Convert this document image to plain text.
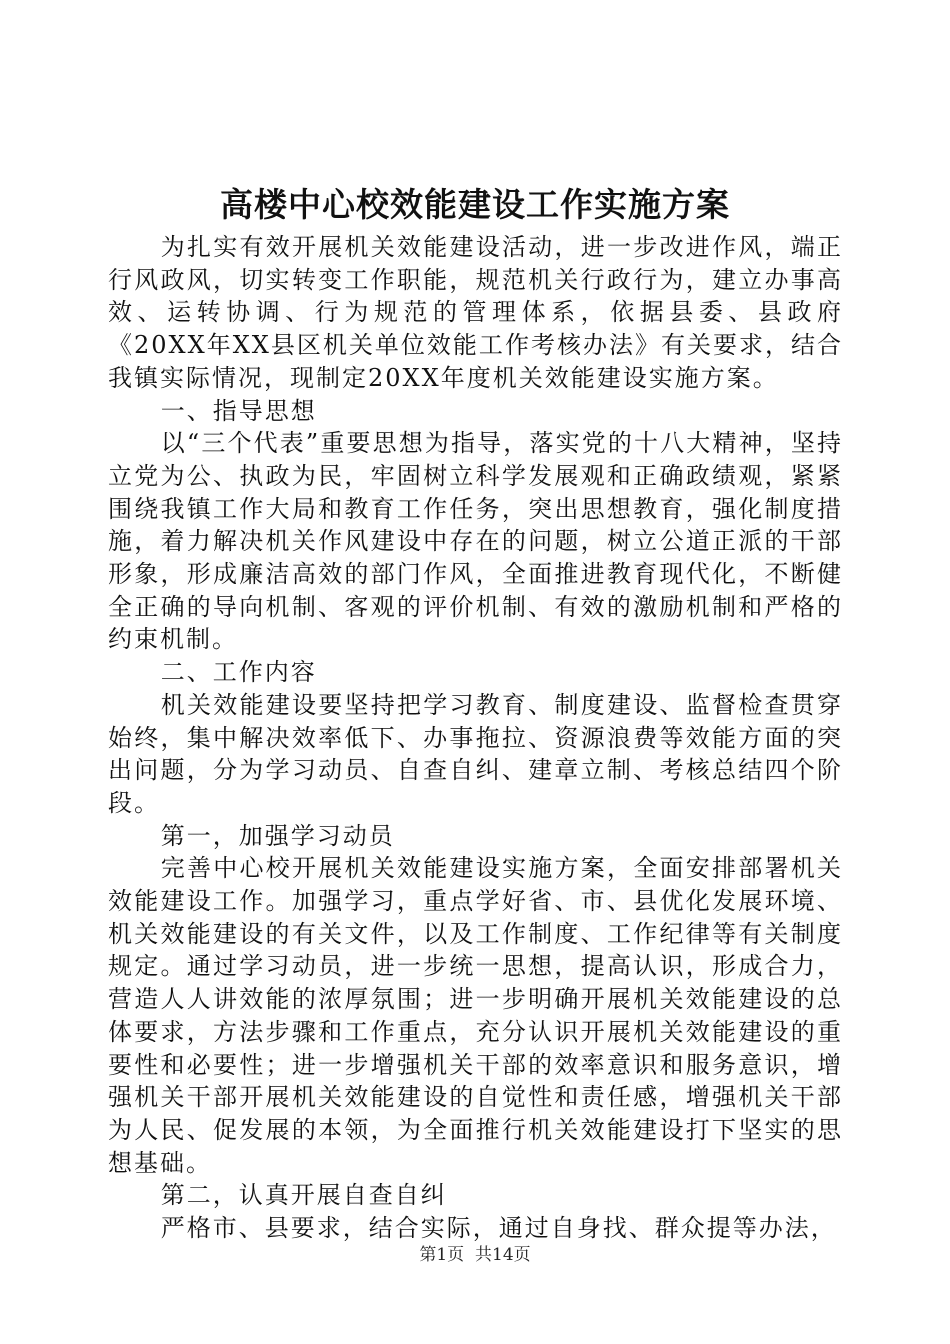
高楼中心校效能建设工作实施方案

为扎实有效开展机关效能建设活动，进一步改进作风，端正行风政风，切实转变工作职能，规范机关行政行为，建立办事高效、运转协调、行为规范的管理体系，依据县委、县政府《20XX年XX县区机关单位效能工作考核办法》有关要求，结合我镇实际情况，现制定20XX年度机关效能建设实施方案。

一、指导思想

以“三个代表”重要思想为指导，落实党的十八大精神，坚持立党为公、执政为民，牢固树立科学发展观和正确政绩观，紧紧围绕我镇工作大局和教育工作任务，突出思想教育，强化制度措施，着力解决机关作风建设中存在的问题，树立公道正派的干部形象，形成廉洁高效的部门作风，全面推进教育现代化，不断健全正确的导向机制、客观的评价机制、有效的激励机制和严格的约束机制。

二、工作内容

机关效能建设要坚持把学习教育、制度建设、监督检查贯穿始终，集中解决效率低下、办事拖拉、资源浪费等效能方面的突出问题，分为学习动员、自查自纠、建章立制、考核总结四个阶段。

第一，加强学习动员

完善中心校开展机关效能建设实施方案，全面安排部署机关效能建设工作。加强学习，重点学好省、市、县优化发展环境、机关效能建设的有关文件，以及工作制度、工作纪律等有关制度规定。通过学习动员，进一步统一思想，提高认识，形成合力，营造人人讲效能的浓厚氛围；进一步明确开展机关效能建设的总体要求，方法步骤和工作重点，充分认识开展机关效能建设的重要性和必要性；进一步增强机关干部的效率意识和服务意识，增强机关干部开展机关效能建设的自觉性和责任感，增强机关干部为人民、促发展的本领，为全面推行机关效能建设打下坚实的思想基础。

第二，认真开展自查自纠

严格市、县要求，结合实际，通过自身找、群众提等办法，

第1页 共14页
